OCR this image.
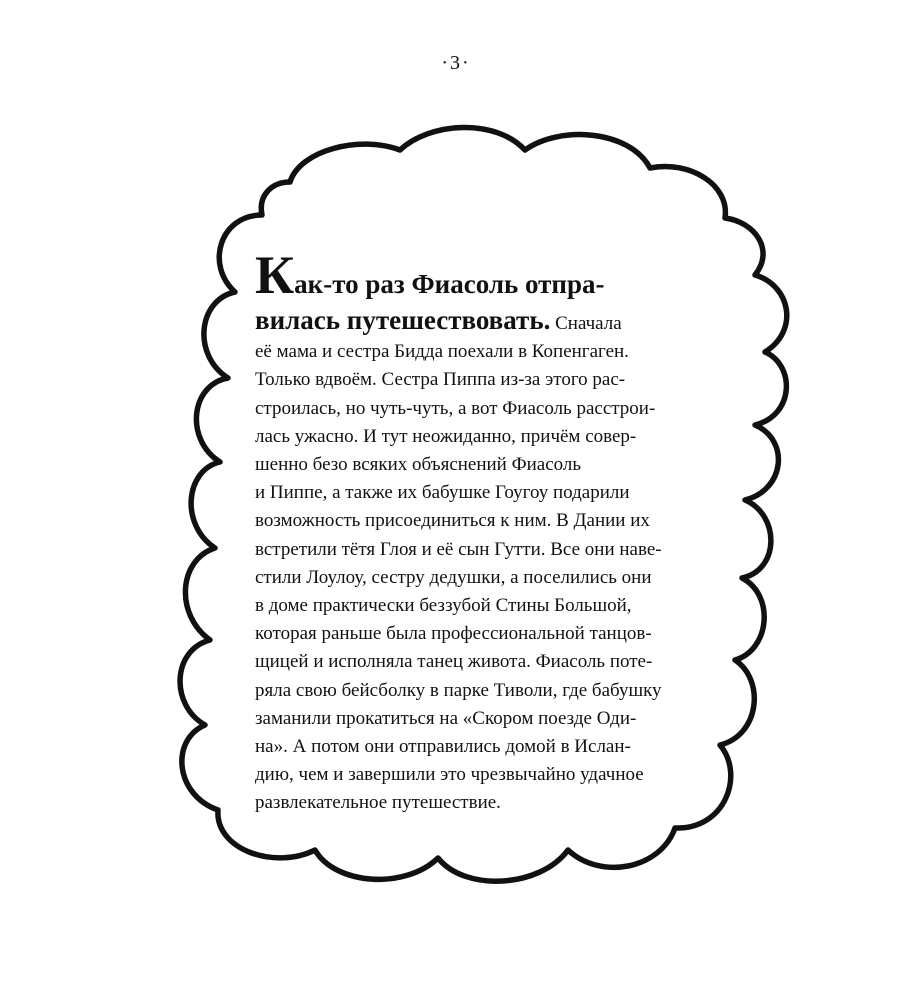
·3·
Как-то раз Фиасоль отпра-
вилась путешествовать. Сначала
её мама и сестра Бидда поехали в Копенгаген.
Только вдвоём. Сестра Пиппа из-за этого рас-
строилась, но чуть-чуть, а вот Фиасоль расстрои-
лась ужасно. И тут неожиданно, причём совер-
шенно безо всяких объяснений Фиасоль
и Пиппе, а также их бабушке Гоугоу подарили
возможность присоединиться к ним. В Дании их
встретили тётя Глоя и её сын Гутти. Все они наве-
стили Лоулоу, сестру дедушки, а поселились они
в доме практически беззубой Стины Большой,
которая раньше была профессиональной танцов-
щицей и исполняла танец живота. Фиасоль поте-
ряла свою бейсболку в парке Тиволи, где бабушку
заманили прокатиться на «Скором поезде Оди-
на». А потом они отправились домой в Ислан-
дию, чем и завершили это чрезвычайно удачное
развлекательное путешествие.
